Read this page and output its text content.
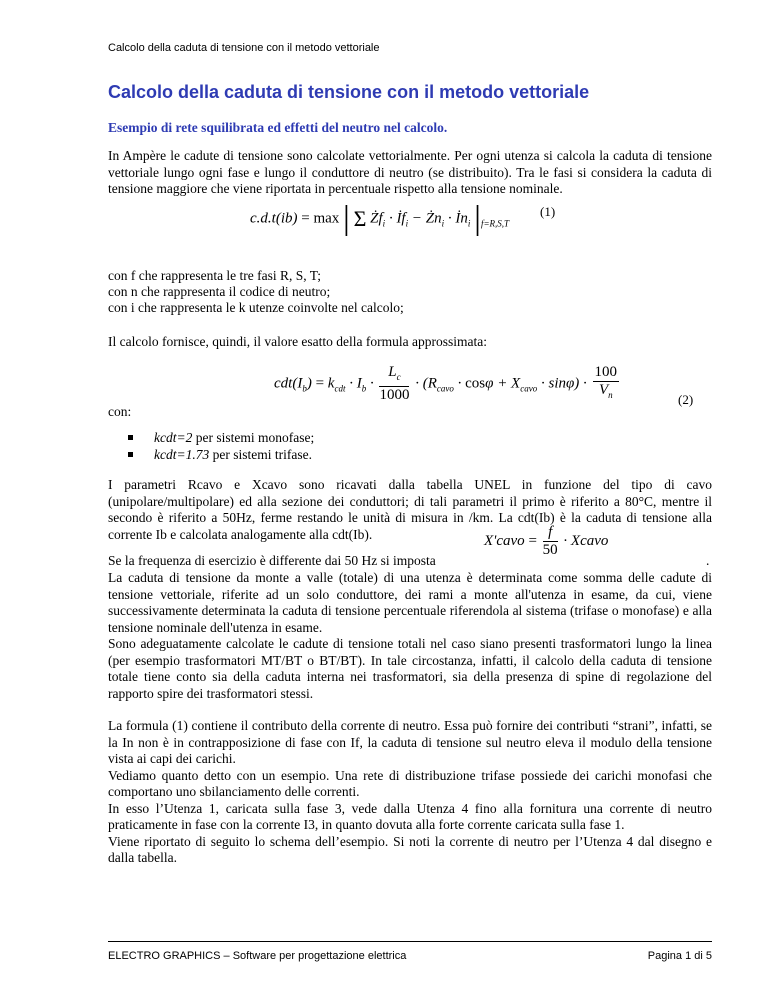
Calcolo della caduta di tensione con il metodo vettoriale
Calcolo della caduta di tensione con il metodo vettoriale
Esempio di rete squilibrata ed effetti del neutro nel calcolo.
In Ampère le cadute di tensione sono calcolate vettorialmente. Per ogni utenza si calcola la caduta di tensione vettoriale lungo ogni fase e lungo il conduttore di neutro (se distribuito). Tra le fasi si considera la caduta di tensione maggiore che viene riportata in percentuale rispetto alla tensione nominale.
c.d.t(ib) = max | Σ $Żf_i$ · $İf_i$ − $Żn_i$ · $İn_i$ $|_{f=R,S,T}$
(1)
con f che rappresenta le tre fasi R, S, T;
con n che rappresenta il codice di neutro;
con i che rappresenta le k utenze coinvolte nel calcolo;
Il calcolo fornisce, quindi, il valore esatto della formula approssimata:
$cdt(I_b) = k_{cdt} \cdot I_b \cdot \frac{L_c}{1000} \cdot (R_{cavo} \cdot \cos\varphi + X_{cavo} \cdot \sin\varphi) \cdot \frac{100}{V_n}$	(2)
con:
kcdt=2 per sistemi monofase;
kcdt=1.73 per sistemi trifase.
I parametri Rcavo e Xcavo sono ricavati dalla tabella UNEL in funzione del tipo di cavo (unipolare/multipolare) ed alla sezione dei conduttori; di tali parametri il primo è riferito a 80°C, mentre il secondo è riferito a 50Hz, ferme restando le unità di misura in /km. La cdt(Ib) è la caduta di tensione alla corrente Ib e calcolata analogamente alla cdt(Ib).	X'cavo = $\frac{f}{50}$ · Xcavo
Se la frequenza di esercizio è differente dai 50 Hz si imposta	.

La caduta di tensione da monte a valle (totale) di una utenza è determinata come somma delle cadute di tensione vettoriale, riferite ad un solo conduttore, dei rami a monte all'utenza in esame, da cui, viene successivamente determinata la caduta di tensione percentuale riferendola al sistema (trifase o monofase) e alla tensione nominale dell'utenza in esame.

Sono adeguatamente calcolate le cadute di tensione totali nel caso siano presenti trasformatori lungo la linea (per esempio trasformatori MT/BT o BT/BT). In tale circostanza, infatti, il calcolo della caduta di tensione totale tiene conto sia della caduta interna nei trasformatori, sia della presenza di spine di regolazione del rapporto spire dei trasformatori stessi.

La formula (1) contiene il contributo della corrente di neutro. Essa può fornire dei contributi “strani”, infatti, se la In non è in contrapposizione di fase con If, la caduta di tensione sul neutro eleva il modulo della tensione vista ai capi dei carichi.

Vediamo quanto detto con un esempio. Una rete di distribuzione trifase possiede dei carichi monofasi che comportano uno sbilanciamento delle correnti.

In esso l’Utenza 1, caricata sulla fase 3, vede dalla Utenza 4 fino alla fornitura una corrente di neutro praticamente in fase con la corrente I3, in quanto dovuta alla forte corrente caricata sulla fase 1.

Viene riportato di seguito lo schema dell’esempio. Si noti la corrente di neutro per l’Utenza 4 dal disegno e dalla tabella.

ELECTRO GRAPHICS – Software per progettazione elettrica	Pagina 1 di 5
